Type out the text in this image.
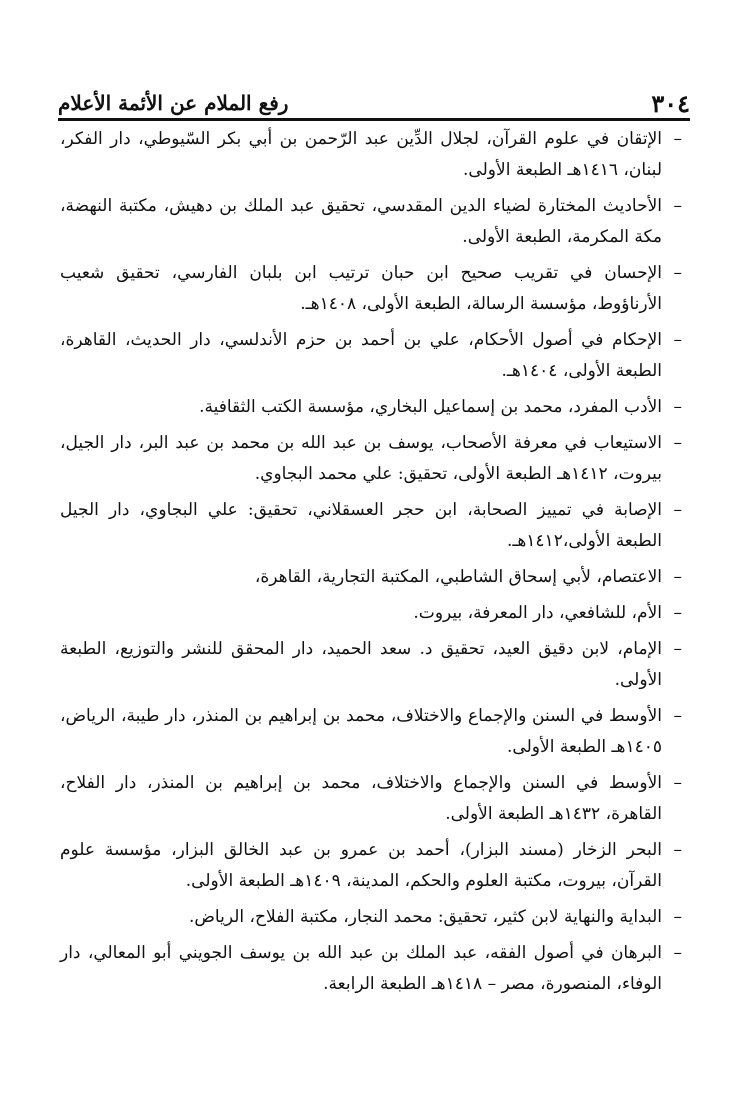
٣٠٤
رفع الملام عن الأئمة الأعلام
–
الإتقان في علوم القرآن، لجلال الدِّين عبد الرّحمن بن أبي بكر السّيوطي، دار الفكر، لبنان، ١٤١٦هـ الطبعة الأولى.
–
الأحاديث المختارة لضياء الدين المقدسي، تحقيق عبد الملك بن دهيش، مكتبة النهضة، مكة المكرمة، الطبعة الأولى.
–
الإحسان في تقريب صحيح ابن حبان ترتيب ابن بلبان الفارسي، تحقيق شعيب الأرناؤوط، مؤسسة الرسالة، الطبعة الأولى، ١٤٠٨هـ.
–
الإحكام في أصول الأحكام، علي بن أحمد بن حزم الأندلسي، دار الحديث، القاهرة، الطبعة الأولى، ١٤٠٤هـ.
–
الأدب المفرد، محمد بن إسماعيل البخاري، مؤسسة الكتب الثقافية.
–
الاستيعاب في معرفة الأصحاب، يوسف بن عبد الله بن محمد بن عبد البر، دار الجيل، بيروت، ١٤١٢هـ الطبعة الأولى، تحقيق: علي محمد البجاوي.
–
الإصابة في تمييز الصحابة، ابن حجر العسقلاني، تحقيق: علي البجاوي، دار الجيل الطبعة الأولى،١٤١٢هـ.
–
الاعتصام، لأبي إسحاق الشاطبي، المكتبة التجارية، القاهرة،
–
الأم، للشافعي، دار المعرفة، بيروت.
–
الإمام، لابن دقيق العيد، تحقيق د. سعد الحميد، دار المحقق للنشر والتوزيع، الطبعة الأولى.
–
الأوسط في السنن والإجماع والاختلاف، محمد بن إبراهيم بن المنذر، دار طيبة، الرياض، ١٤٠٥هـ الطبعة الأولى.
–
الأوسط في السنن والإجماع والاختلاف، محمد بن إبراهيم بن المنذر، دار الفلاح، القاهرة، ١٤٣٢هـ الطبعة الأولى.
–
البحر الزخار (مسند البزار)، أحمد بن عمرو بن عبد الخالق البزار، مؤسسة علوم القرآن، بيروت، مكتبة العلوم والحكم، المدينة، ١٤٠٩هـ الطبعة الأولى.
–
البداية والنهاية لابن كثير، تحقيق: محمد النجار، مكتبة الفلاح، الرياض.
–
البرهان في أصول الفقه، عبد الملك بن عبد الله بن يوسف الجويني أبو المعالي، دار الوفاء، المنصورة، مصر – ١٤١٨هـ الطبعة الرابعة.
